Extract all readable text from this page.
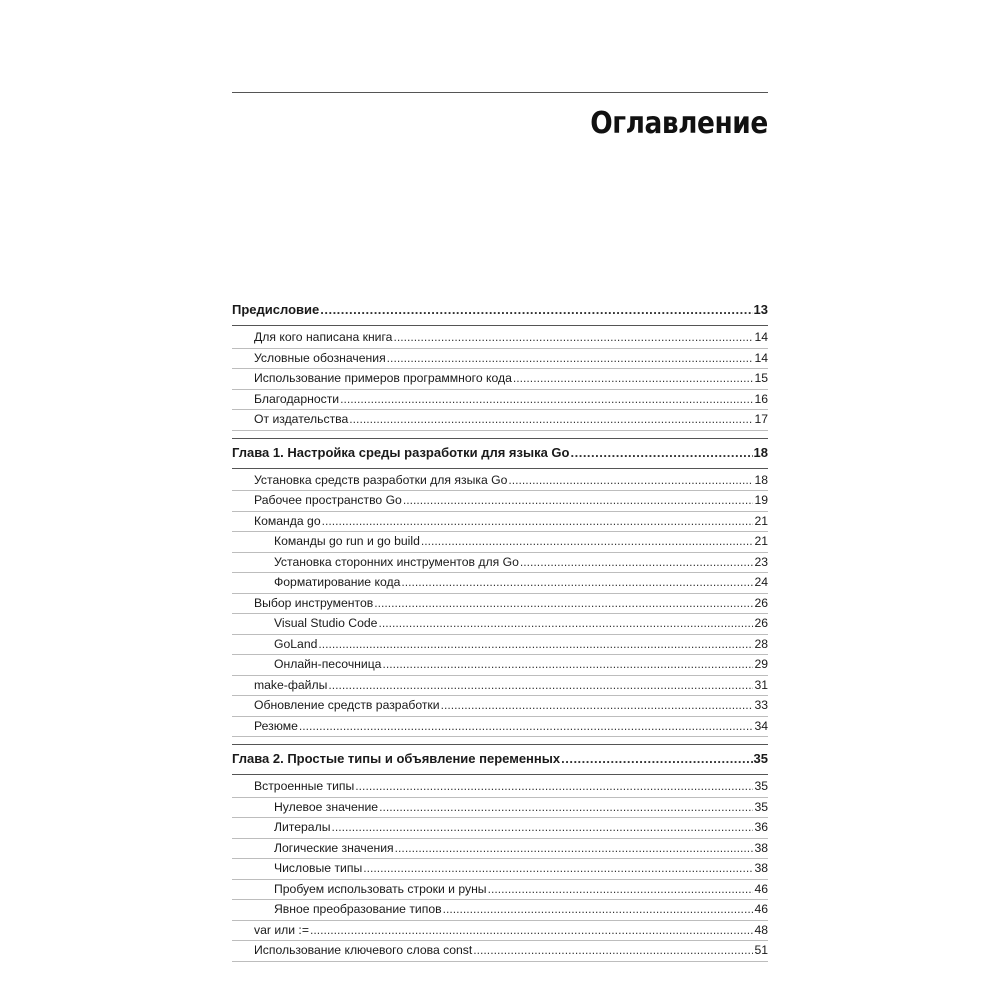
Оглавление
Предисловие .....	13
Для кого написана книга .....	14
Условные обозначения .....	14
Использование примеров программного кода .....	15
Благодарности .....	16
От издательства .....	17
Глава 1. Настройка среды разработки для языка Go .....	18
Установка средств разработки для языка Go .....	18
Рабочее пространство Go .....	19
Команда go .....	21
Команды go run и go build .....	21
Установка сторонних инструментов для Go .....	23
Форматирование кода .....	24
Выбор инструментов .....	26
Visual Studio Code .....	26
GoLand .....	28
Онлайн-песочница .....	29
make-файлы .....	31
Обновление средств разработки .....	33
Резюме .....	34
Глава 2. Простые типы и объявление переменных .....	35
Встроенные типы .....	35
Нулевое значение .....	35
Литералы .....	36
Логические значения .....	38
Числовые типы .....	38
Пробуем использовать строки и руны .....	46
Явное преобразование типов .....	46
var или := .....	48
Использование ключевого слова const .....	51
